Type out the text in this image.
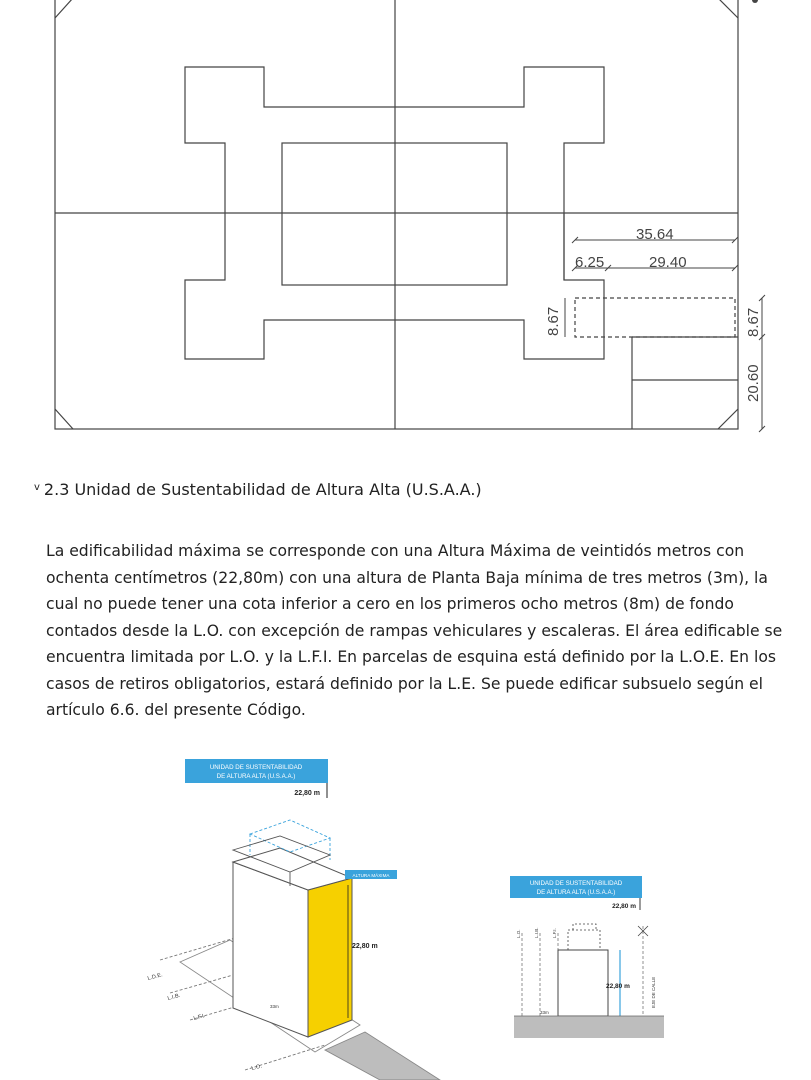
35.64
6.25	29.40
8.67	8.67
20.60
$^v$ 2.3 Unidad de Sustentabilidad de Altura Alta (U.S.A.A.)

La edificabilidad máxima se corresponde con una Altura Máxima de veintidós metros con ochenta centímetros (22,80m) con una altura de Planta Baja mínima de tres metros (3m), la cual no puede tener una cota inferior a cero en los primeros ocho metros (8m) de fondo contados desde la L.O. con excepción de rampas vehiculares y escaleras. El área edificable se encuentra limitada por L.O. y la L.F.I. En parcelas de esquina está definido por la L.O.E. En los casos de retiros obligatorios, estará definido por la L.E. Se puede edificar subsuelo según el artículo 6.6. del presente Código.

UNIDAD DE SUSTENTABILIDAD
DE ALTURA ALTA (U.S.A.A.)
22,80 m
ALTURA MÁXIMA
22,80 m
L.D.E.
L.I.B.
L.F.I.
L.O.
33m
UNIDAD DE SUSTENTABILIDAD
DE ALTURA ALTA (U.S.A.A.)
22,80 m
L.O.	L.I.B.	L.F.I.
EJE DE CALLE
22,80 m
33m
